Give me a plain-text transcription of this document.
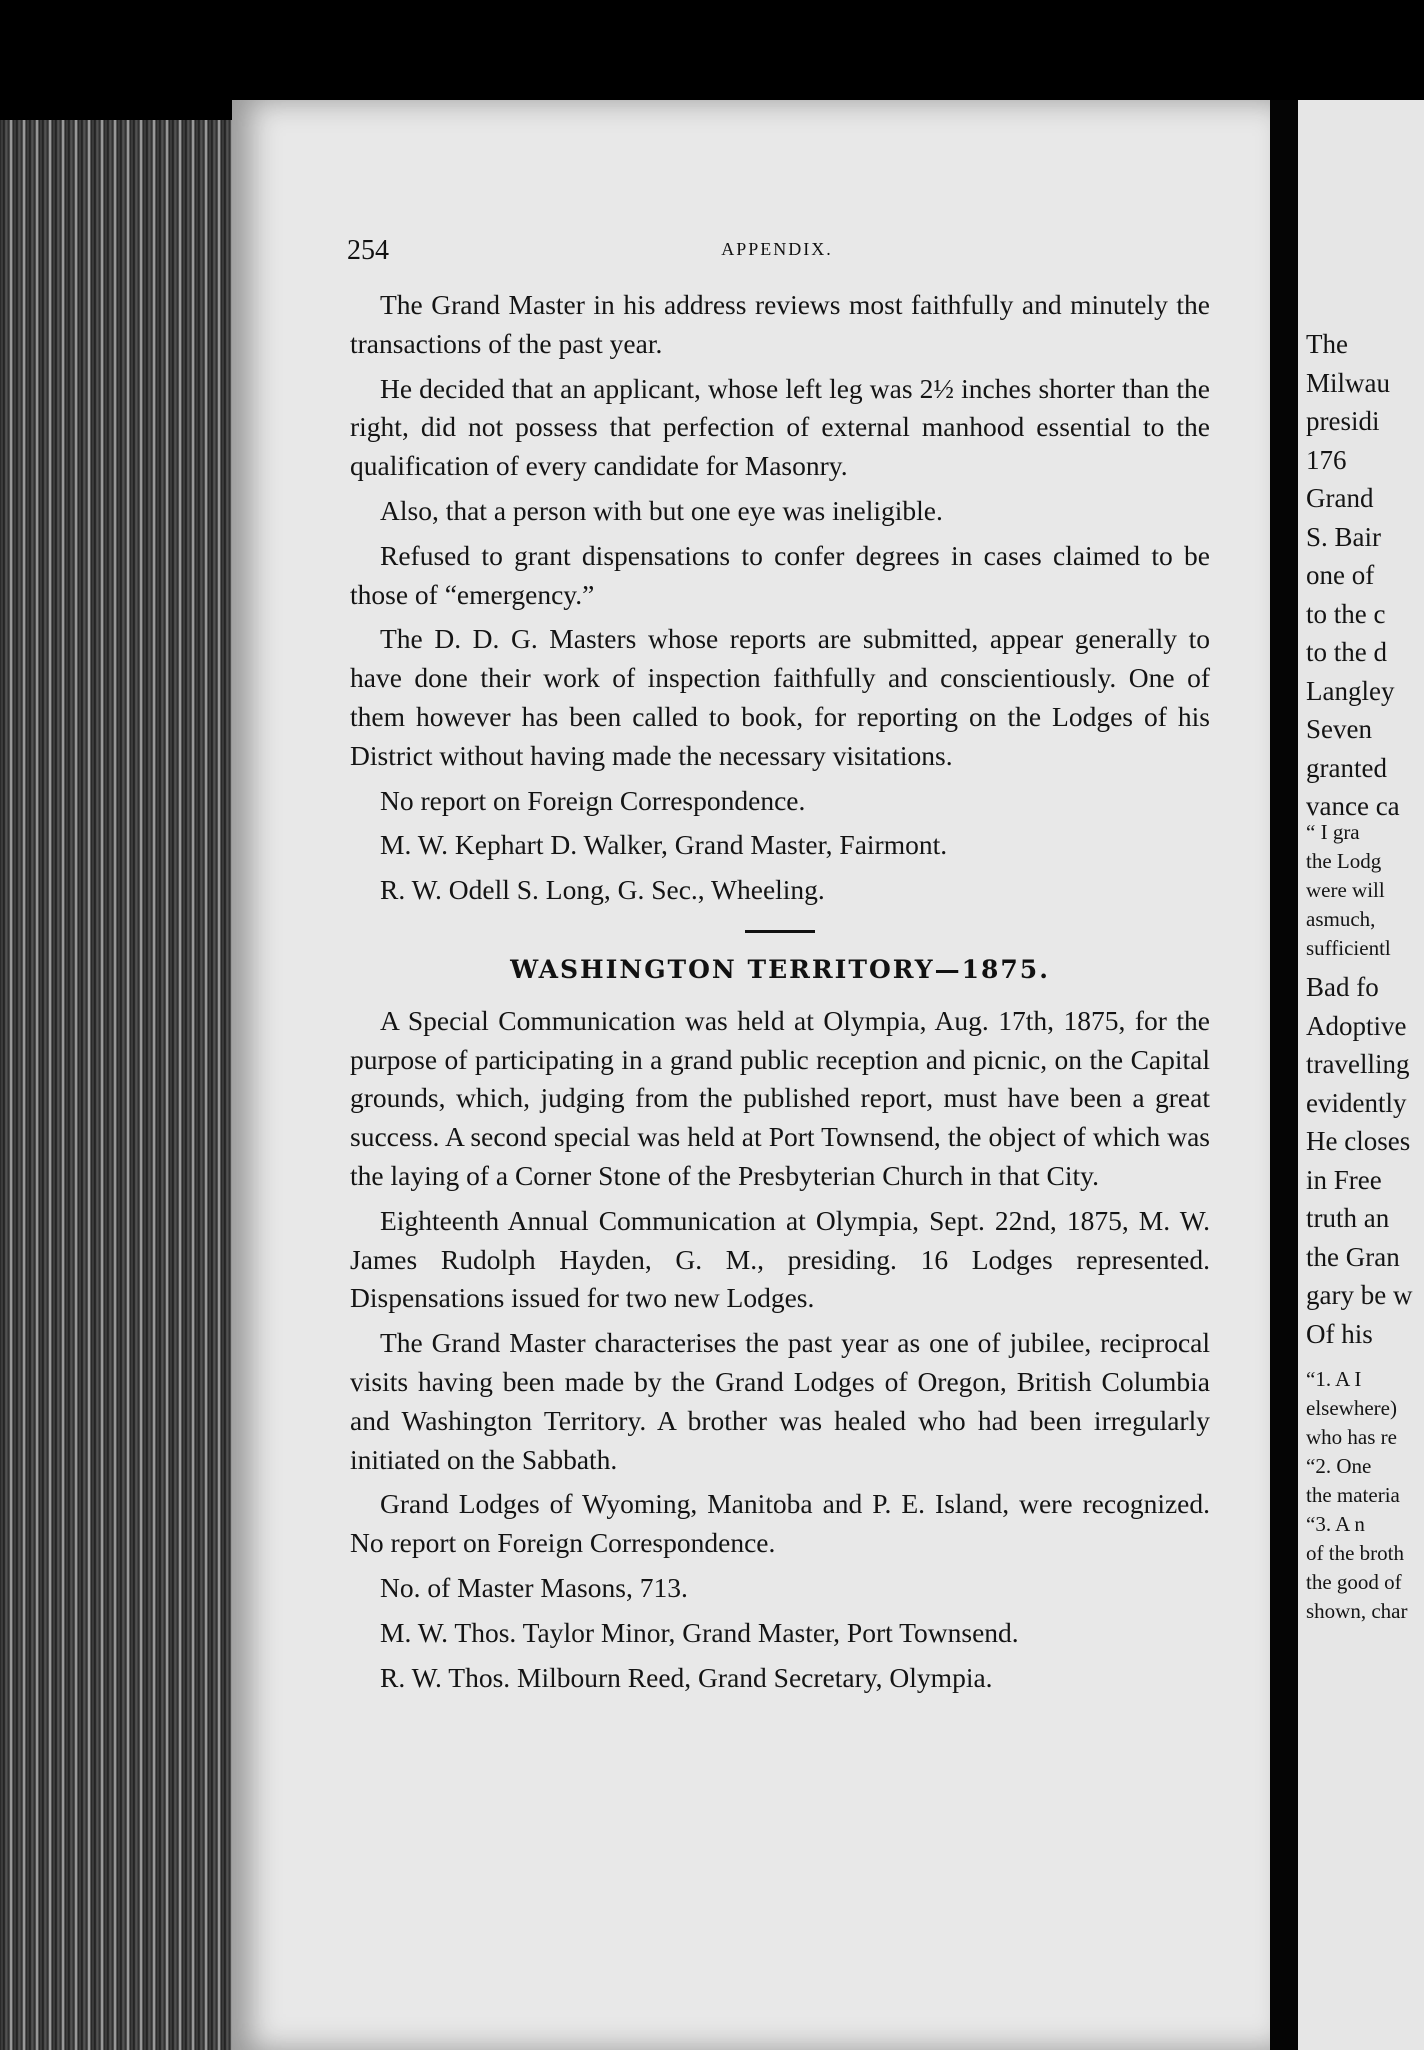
254	APPENDIX.

The Grand Master in his address reviews most faithfully and minutely the transactions of the past year.

He decided that an applicant, whose left leg was 2½ inches shorter than the right, did not possess that perfection of external manhood essential to the qualification of every candidate for Masonry.

Also, that a person with but one eye was ineligible.

Refused to grant dispensations to confer degrees in cases claimed to be those of “emergency.”

The D. D. G. Masters whose reports are submitted, appear generally to have done their work of inspection faithfully and conscientiously. One of them however has been called to book, for reporting on the Lodges of his District without having made the necessary visitations.

No report on Foreign Correspondence.

M. W. Kephart D. Walker, Grand Master, Fairmont.

R. W. Odell S. Long, G. Sec., Wheeling.

WASHINGTON TERRITORY—1875.

A Special Communication was held at Olympia, Aug. 17th, 1875, for the purpose of participating in a grand public reception and picnic, on the Capital grounds, which, judging from the published report, must have been a great success. A second special was held at Port Townsend, the object of which was the laying of a Corner Stone of the Presbyterian Church in that City.

Eighteenth Annual Communication at Olympia, Sept. 22nd, 1875, M. W. James Rudolph Hayden, G. M., presiding. 16 Lodges represented. Dispensations issued for two new Lodges.

The Grand Master characterises the past year as one of jubilee, reciprocal visits having been made by the Grand Lodges of Oregon, British Columbia and Washington Territory. A brother was healed who had been irregularly initiated on the Sabbath.

Grand Lodges of Wyoming, Manitoba and P. E. Island, were recognized. No report on Foreign Correspondence.

No. of Master Masons, 713.

M. W. Thos. Taylor Minor, Grand Master, Port Townsend.

R. W. Thos. Milbourn Reed, Grand Secretary, Olympia.

The
Milwau
presidi
176
Grand
S. Bair
one of
to the c
to the d
Langley
Seven
granted
vance ca
“ I gra
the Lodg
were will
asmuch,
sufficientl
Bad fo
Adoptive
travelling
evidently
He closes
in Free
truth an
the Gran
gary be w
Of his
“1. A I
elsewhere)
who has re
“2. One
the materia
“3. A n
of the broth
the good of
shown, char
